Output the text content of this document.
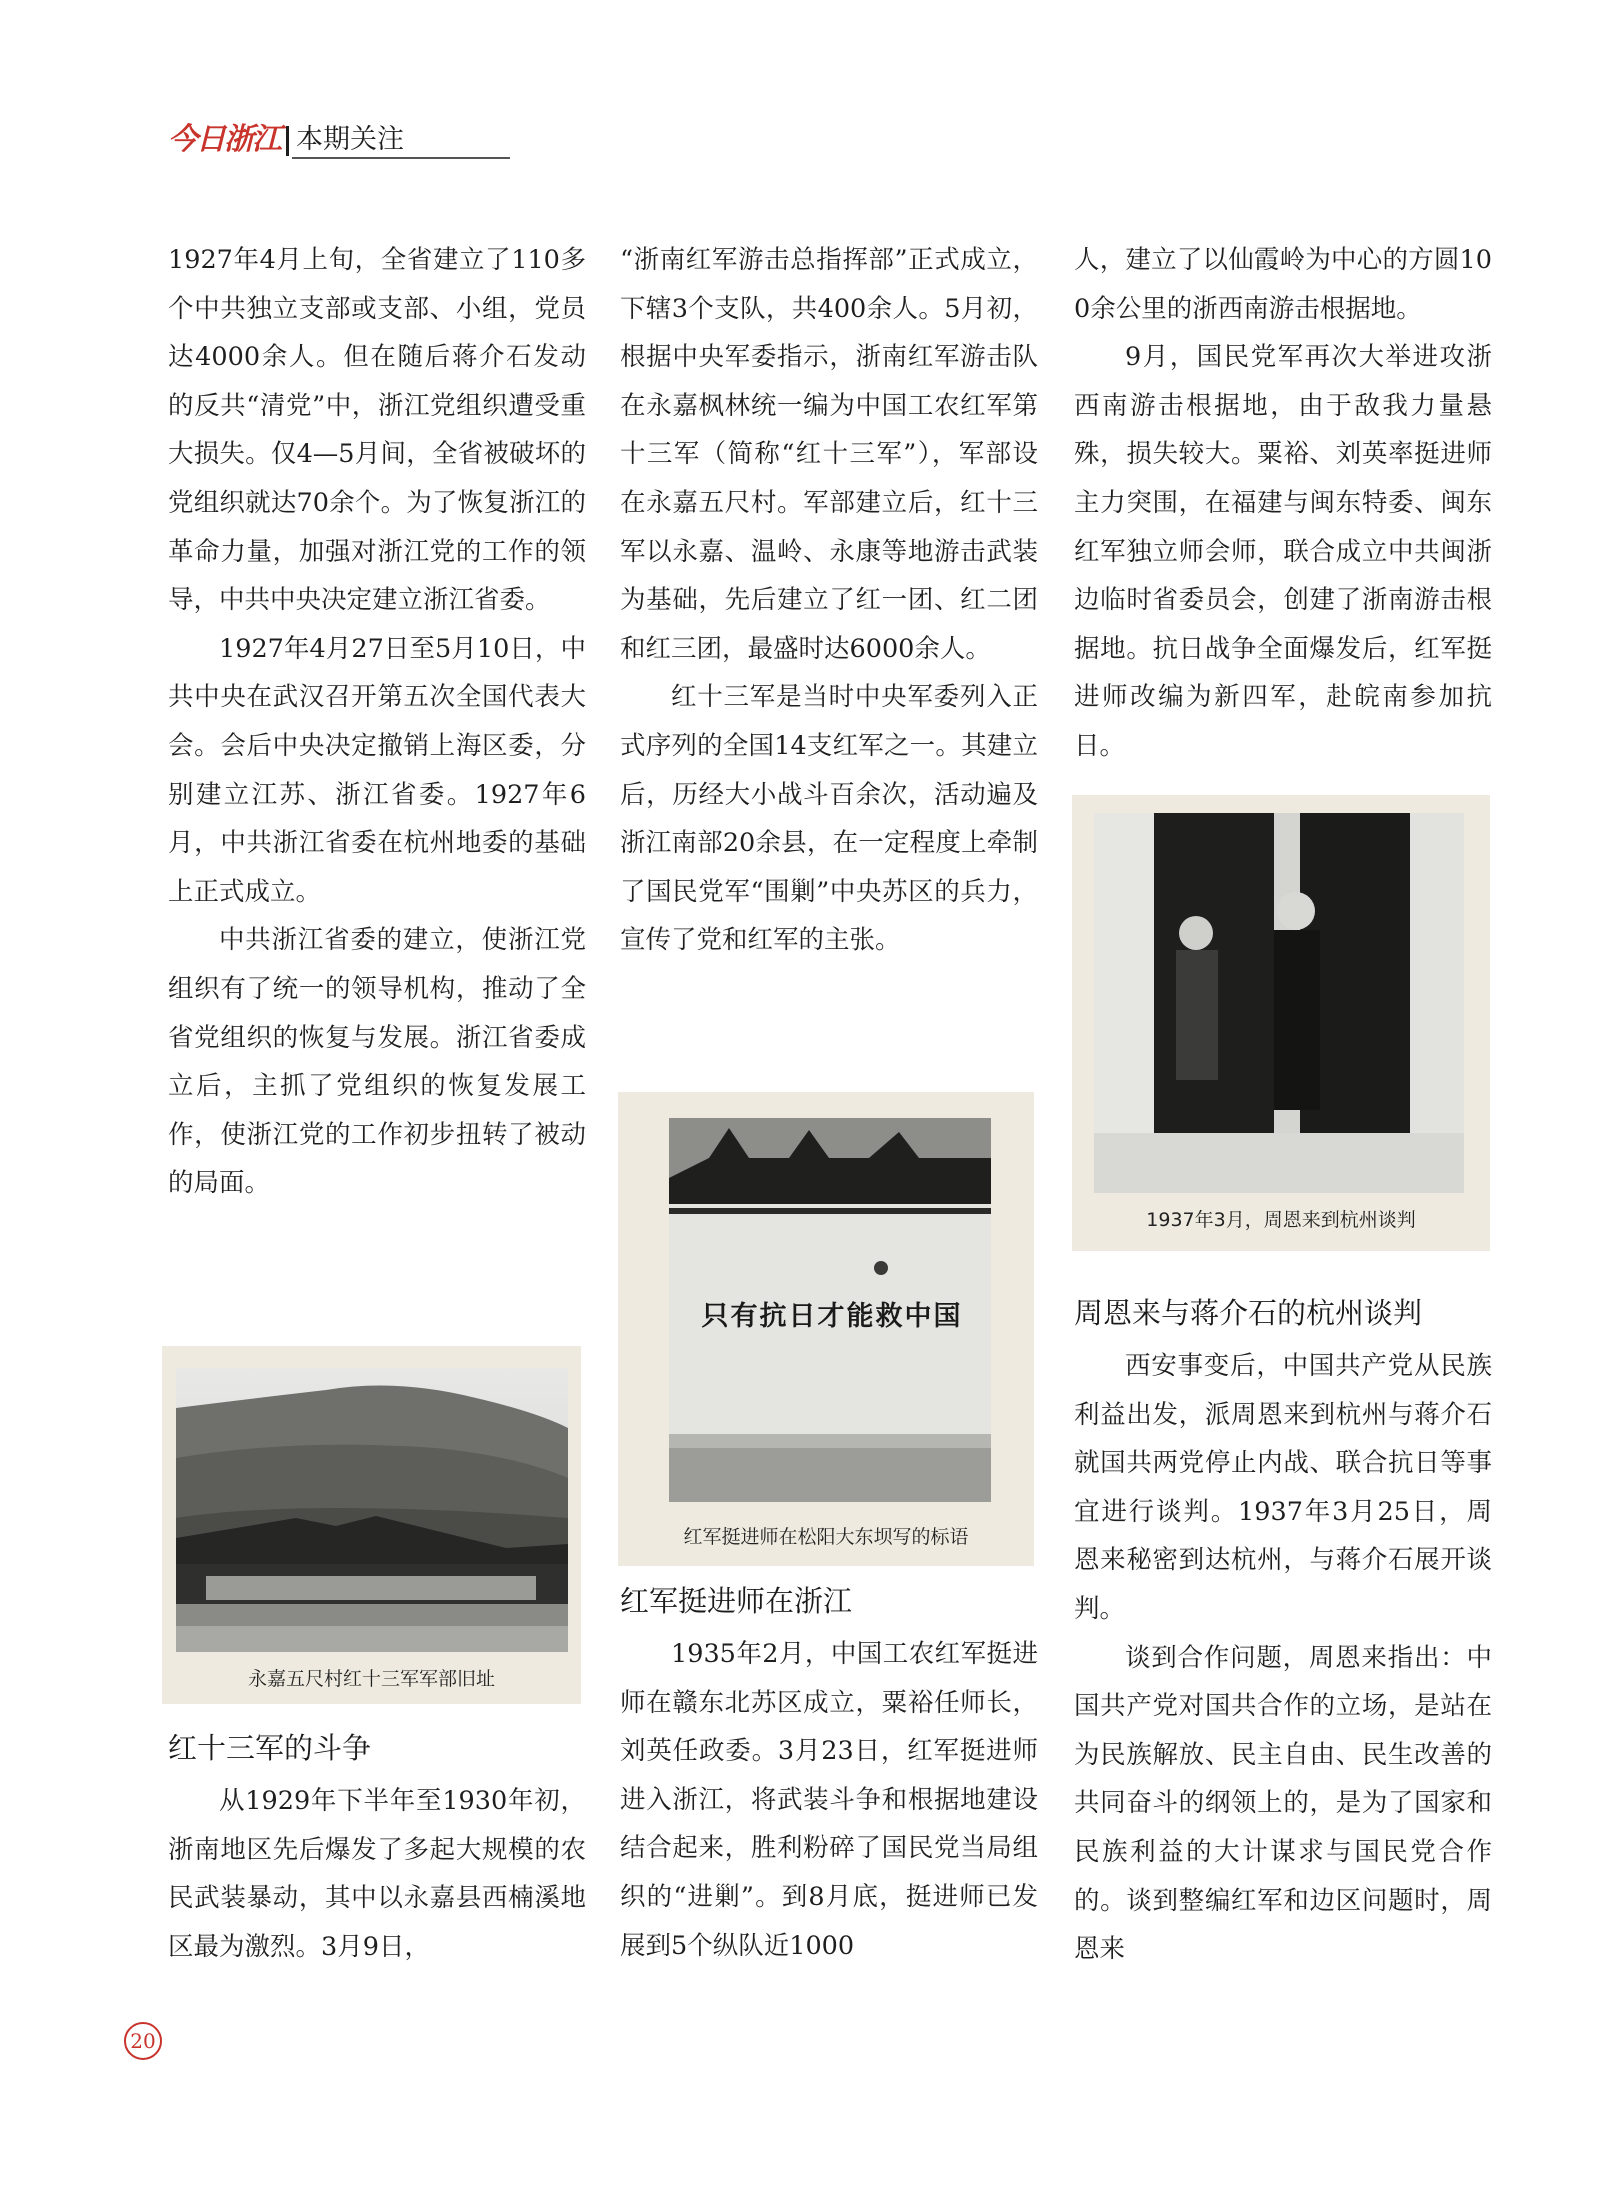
今日浙江 本期关注

1927年4月上旬，全省建立了110多个中共独立支部或支部、小组，党员达4000余人。但在随后蒋介石发动的反共“清党”中，浙江党组织遭受重大损失。仅4—5月间，全省被破坏的党组织就达70余个。为了恢复浙江的革命力量，加强对浙江党的工作的领导，中共中央决定建立浙江省委。

1927年4月27日至5月10日，中共中央在武汉召开第五次全国代表大会。会后中央决定撤销上海区委，分别建立江苏、浙江省委。1927年6月，中共浙江省委在杭州地委的基础上正式成立。

中共浙江省委的建立，使浙江党组织有了统一的领导机构，推动了全省党组织的恢复与发展。浙江省委成立后，主抓了党组织的恢复发展工作，使浙江党的工作初步扭转了被动的局面。

永嘉五尺村红十三军军部旧址
红十三军的斗争

从1929年下半年至1930年初，浙南地区先后爆发了多起大规模的农民武装暴动，其中以永嘉县西楠溪地区最为激烈。3月9日，

“浙南红军游击总指挥部”正式成立，下辖3个支队，共400余人。5月初，根据中央军委指示，浙南红军游击队在永嘉枫林统一编为中国工农红军第十三军（简称“红十三军”），军部设在永嘉五尺村。军部建立后，红十三军以永嘉、温岭、永康等地游击武装为基础，先后建立了红一团、红二团和红三团，最盛时达6000余人。

红十三军是当时中央军委列入正式序列的全国14支红军之一。其建立后，历经大小战斗百余次，活动遍及浙江南部20余县，在一定程度上牵制了国民党军“围剿”中央苏区的兵力，宣传了党和红军的主张。

只有抗日才能救中国
红军挺进师在松阳大东坝写的标语
红军挺进师在浙江

1935年2月，中国工农红军挺进师在赣东北苏区成立，粟裕任师长，刘英任政委。3月23日，红军挺进师进入浙江，将武装斗争和根据地建设结合起来，胜利粉碎了国民党当局组织的“进剿”。到8月底，挺进师已发展到5个纵队近1000

人，建立了以仙霞岭为中心的方圆100余公里的浙西南游击根据地。

9月，国民党军再次大举进攻浙西南游击根据地，由于敌我力量悬殊，损失较大。粟裕、刘英率挺进师主力突围，在福建与闽东特委、闽东红军独立师会师，联合成立中共闽浙边临时省委员会，创建了浙南游击根据地。抗日战争全面爆发后，红军挺进师改编为新四军，赴皖南参加抗日。

1937年3月，周恩来到杭州谈判
周恩来与蒋介石的杭州谈判

西安事变后，中国共产党从民族利益出发，派周恩来到杭州与蒋介石就国共两党停止内战、联合抗日等事宜进行谈判。1937年3月25日，周恩来秘密到达杭州，与蒋介石展开谈判。

谈到合作问题，周恩来指出：中国共产党对国共合作的立场，是站在为民族解放、民主自由、民生改善的共同奋斗的纲领上的，是为了国家和民族利益的大计谋求与国民党合作的。谈到整编红军和边区问题时，周恩来

20
